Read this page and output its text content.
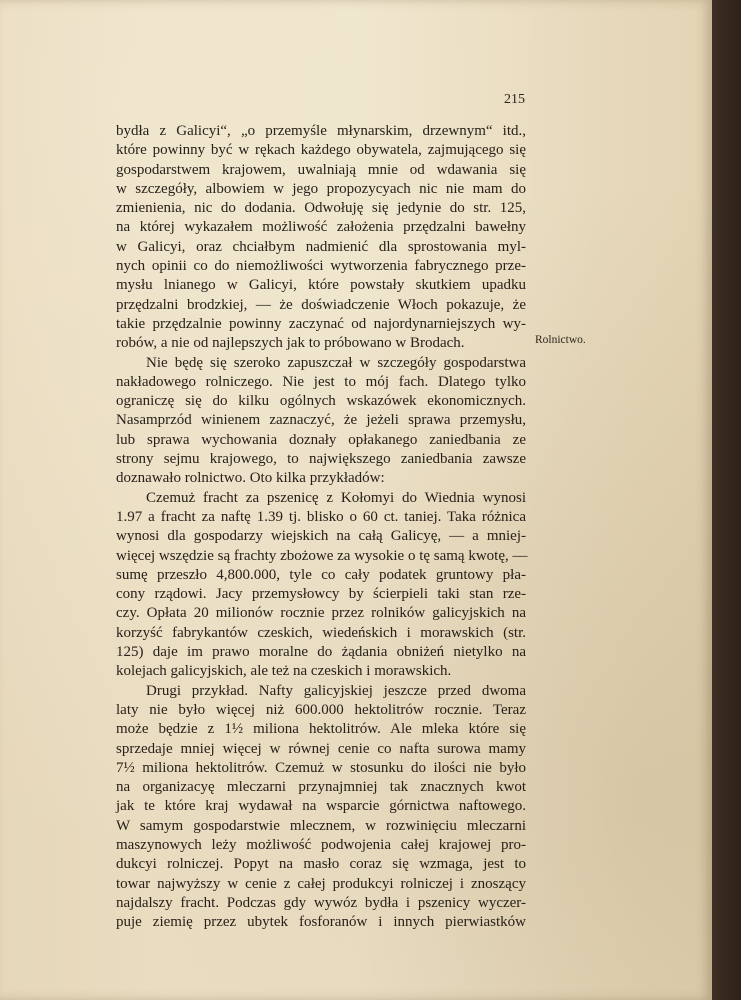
215
Rolnictwo.
bydła z Galicyi“, „o przemyśle młynarskim, drzewnym“ itd.,
które powinny być w rękach każdego obywatela, zajmującego się
gospodarstwem krajowem, uwalniają mnie od wdawania się
w szczegóły, albowiem w jego propozycyach nic nie mam do
zmienienia, nic do dodania. Odwołuję się jedynie do str. 125,
na której wykazałem możliwość założenia przędzalni bawełny
w Galicyi, oraz chciałbym nadmienić dla sprostowania myl-
nych opinii co do niemożliwości wytworzenia fabrycznego prze-
mysłu lnianego w Galicyi, które powstały skutkiem upadku
przędzalni brodzkiej, — że doświadczenie Włoch pokazuje, że
takie przędzalnie powinny zaczynać od najordynarniejszych wy-
robów, a nie od najlepszych jak to próbowano w Brodach.
Nie będę się szeroko zapuszczał w szczegóły gospodarstwa
nakładowego rolniczego. Nie jest to mój fach. Dlatego tylko
ograniczę się do kilku ogólnych wskazówek ekonomicznych.
Nasamprzód winienem zaznaczyć, że jeżeli sprawa przemysłu,
lub sprawa wychowania doznały opłakanego zaniedbania ze
strony sejmu krajowego, to największego zaniedbania zawsze
doznawało rolnictwo. Oto kilka przykładów:
Czemuż fracht za pszenicę z Kołomyi do Wiednia wynosi
1.97 a fracht za naftę 1.39 tj. blisko o 60 ct. taniej. Taka różnica
wynosi dla gospodarzy wiejskich na całą Galicyę, — a mniej-
więcej wszędzie są frachty zbożowe za wysokie o tę samą kwotę, —
sumę przeszło 4,800.000, tyle co cały podatek gruntowy pła-
cony rządowi. Jacy przemysłowcy by ścierpieli taki stan rze-
czy. Opłata 20 milionów rocznie przez rolników galicyjskich na
korzyść fabrykantów czeskich, wiedeńskich i morawskich (str.
125) daje im prawo moralne do żądania obniżeń nietylko na
kolejach galicyjskich, ale też na czeskich i morawskich.
Drugi przykład. Nafty galicyjskiej jeszcze przed dwoma
laty nie było więcej niż 600.000 hektolitrów rocznie. Teraz
może będzie z 1½ miliona hektolitrów. Ale mleka które się
sprzedaje mniej więcej w równej cenie co nafta surowa mamy
7½ miliona hektolitrów. Czemuż w stosunku do ilości nie było
na organizacyę mleczarni przynajmniej tak znacznych kwot
jak te które kraj wydawał na wsparcie górnictwa naftowego.
W samym gospodarstwie mlecznem, w rozwinięciu mleczarni
maszynowych leży możliwość podwojenia całej krajowej pro-
dukcyi rolniczej. Popyt na masło coraz się wzmaga, jest to
towar najwyższy w cenie z całej produkcyi rolniczej i znoszący
najdalszy fracht. Podczas gdy wywóz bydła i pszenicy wyczer-
puje ziemię przez ubytek fosforanów i innych pierwiastków
